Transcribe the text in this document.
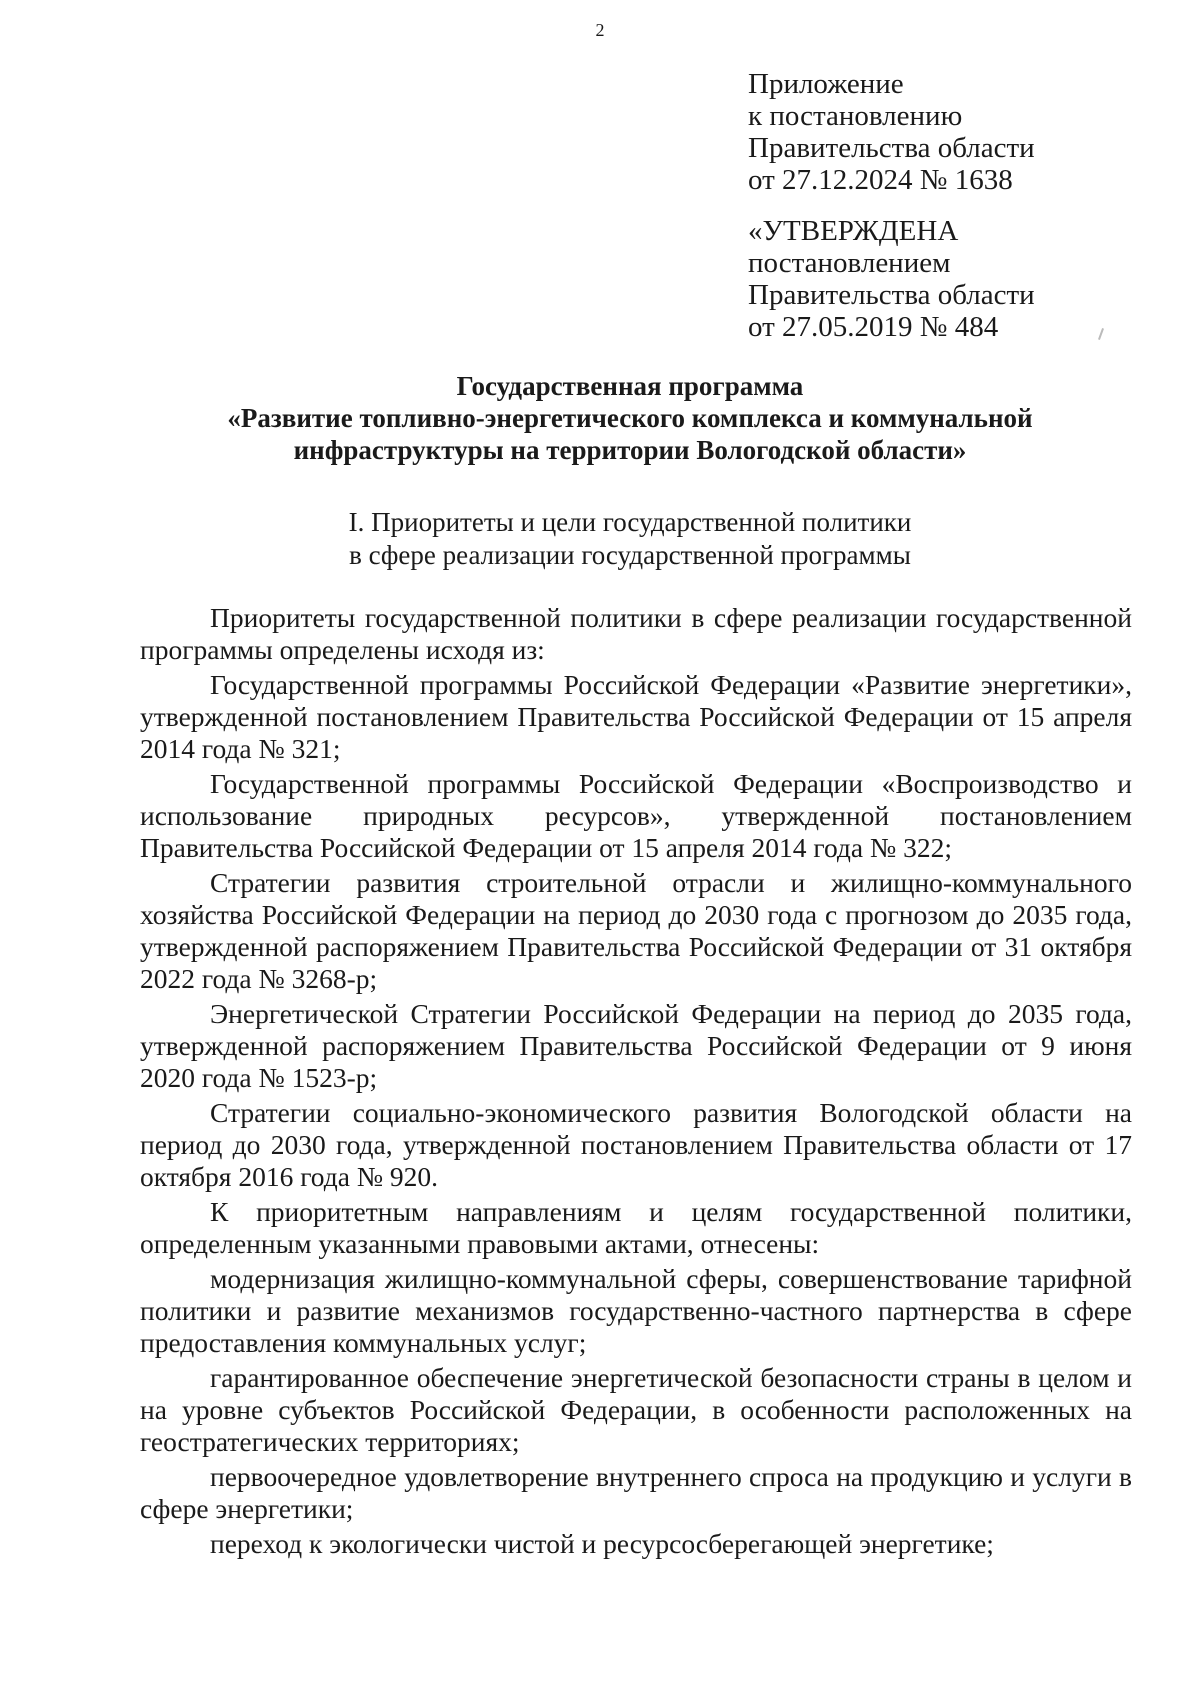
2
Приложение
к постановлению
Правительства области
от 27.12.2024 № 1638
«УТВЕРЖДЕНА
постановлением
Правительства области
от 27.05.2019 № 484
Государственная программа
«Развитие топливно-энергетического комплекса и коммунальной
инфраструктуры на территории Вологодской области»
I. Приоритеты и цели государственной политики
в сфере реализации государственной программы

Приоритеты государственной политики в сфере реализации государственной программы определены исходя из:

Государственной программы Российской Федерации «Развитие энергетики», утвержденной постановлением Правительства Российской Федерации от 15 апреля 2014 года № 321;

Государственной программы Российской Федерации «Воспроизводство и использование природных ресурсов», утвержденной постановлением Правительства Российской Федерации от 15 апреля 2014 года № 322;

Стратегии развития строительной отрасли и жилищно-коммунального хозяйства Российской Федерации на период до 2030 года с прогнозом до 2035 года, утвержденной распоряжением Правительства Российской Федерации от 31 октября 2022 года № 3268-р;

Энергетической Стратегии Российской Федерации на период до 2035 года, утвержденной распоряжением Правительства Российской Федерации от 9 июня 2020 года № 1523-р;

Стратегии социально-экономического развития Вологодской области на период до 2030 года, утвержденной постановлением Правительства области от 17 октября 2016 года № 920.

К приоритетным направлениям и целям государственной политики, определенным указанными правовыми актами, отнесены:

модернизация жилищно-коммунальной сферы, совершенствование тарифной политики и развитие механизмов государственно-частного партнерства в сфере предоставления коммунальных услуг;

гарантированное обеспечение энергетической безопасности страны в целом и на уровне субъектов Российской Федерации, в особенности расположенных на геостратегических территориях;

первоочередное удовлетворение внутреннего спроса на продукцию и услуги в сфере энергетики;

переход к экологически чистой и ресурсосберегающей энергетике;
